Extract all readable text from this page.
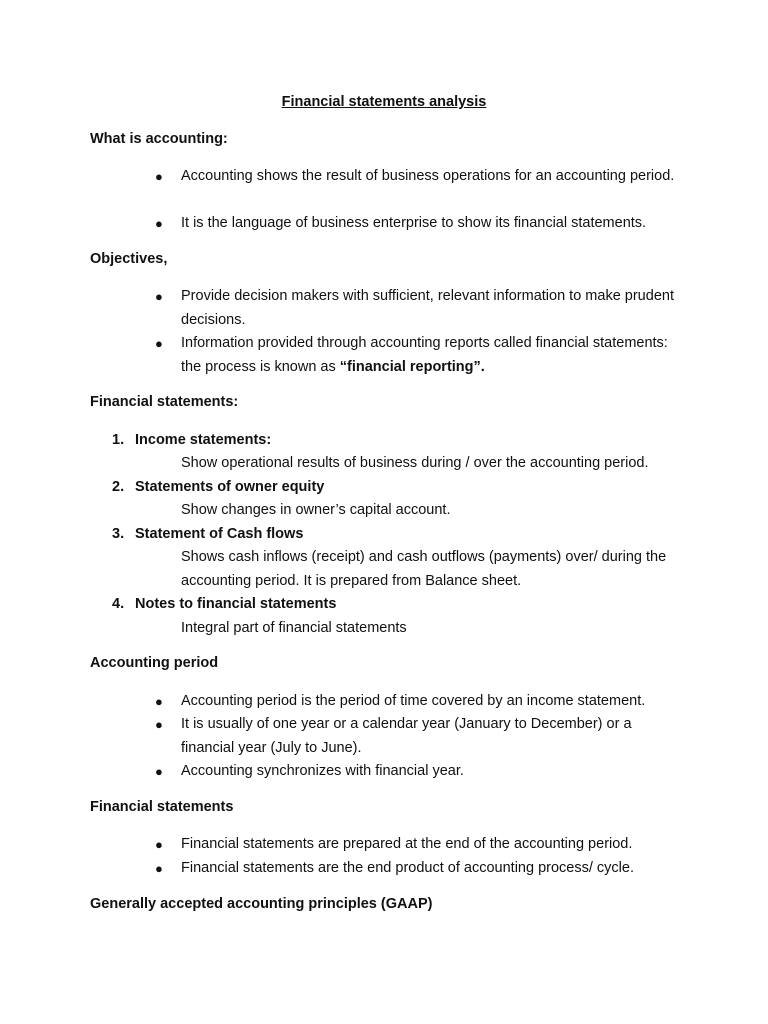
Financial statements analysis
What is accounting:
● Accounting shows the result of business operations for an accounting period.
● It is the language of business enterprise to show its financial statements.
Objectives,
● Provide decision makers with sufficient, relevant information to make prudent decisions.
● Information provided through accounting reports called financial statements: the process is known as “financial reporting”.
Financial statements:
1. Income statements:
Show operational results of business during / over the accounting period.
2. Statements of owner equity
Show changes in owner’s capital account.
3. Statement of Cash flows
Shows cash inflows (receipt) and cash outflows (payments) over/ during the accounting period. It is prepared from Balance sheet.
4. Notes to financial statements
Integral part of financial statements
Accounting period
● Accounting period is the period of time covered by an income statement.
● It is usually of one year or a calendar year (January to December) or a financial year (July to June).
● Accounting synchronizes with financial year.
Financial statements
● Financial statements are prepared at the end of the accounting period.
● Financial statements are the end product of accounting process/ cycle.
Generally accepted accounting principles (GAAP)
